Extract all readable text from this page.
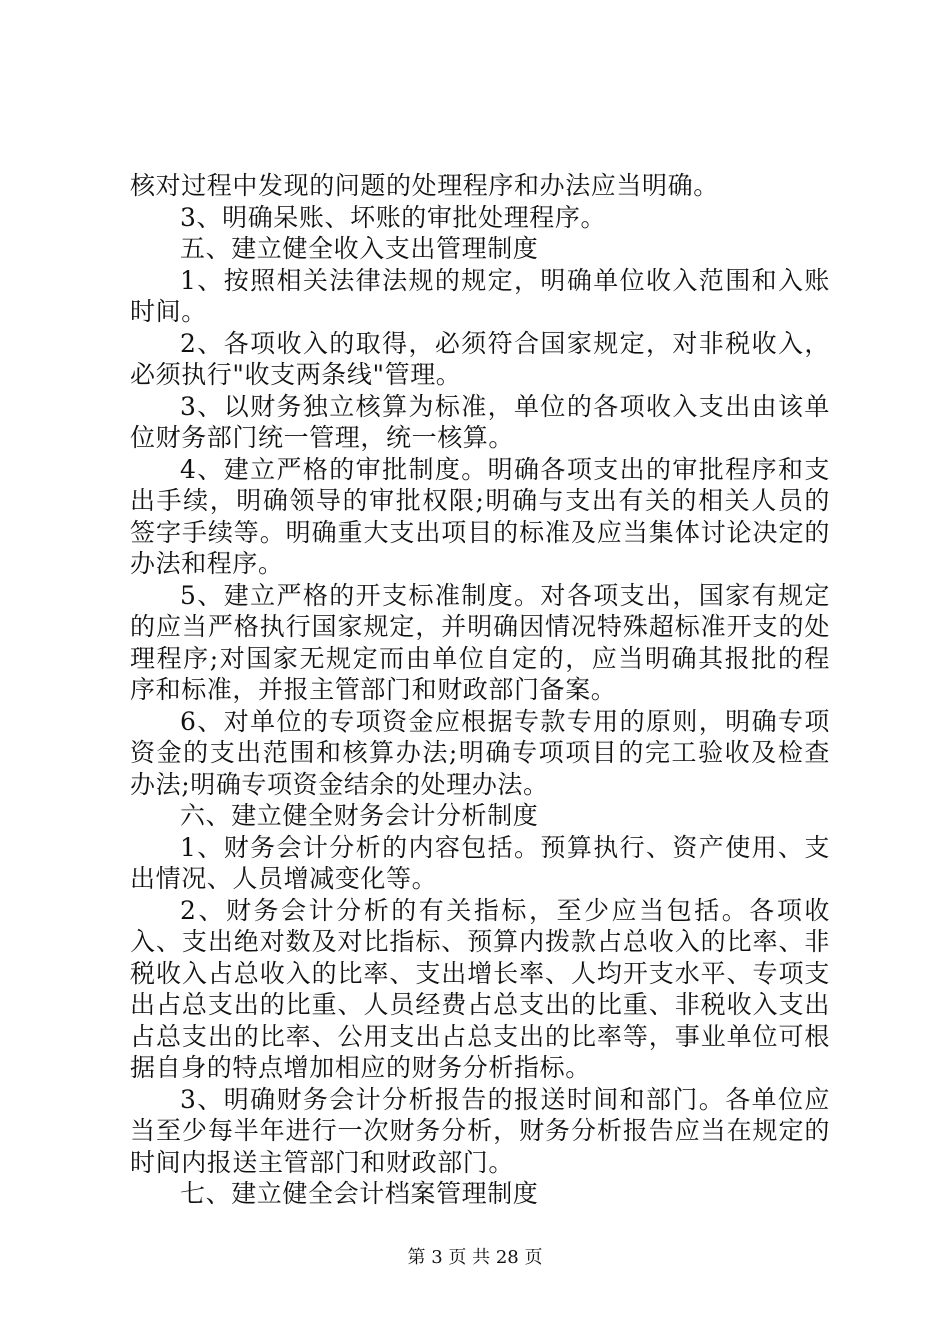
核对过程中发现的问题的处理程序和办法应当明确。

3、明确呆账、坏账的审批处理程序。

五、建立健全收入支出管理制度

1、按照相关法律法规的规定，明确单位收入范围和入账时间。

2、各项收入的取得，必须符合国家规定，对非税收入，必须执行"收支两条线"管理。

3、以财务独立核算为标准，单位的各项收入支出由该单位财务部门统一管理，统一核算。

4、建立严格的审批制度。明确各项支出的审批程序和支出手续，明确领导的审批权限;明确与支出有关的相关人员的签字手续等。明确重大支出项目的标准及应当集体讨论决定的办法和程序。

5、建立严格的开支标准制度。对各项支出，国家有规定的应当严格执行国家规定，并明确因情况特殊超标准开支的处理程序;对国家无规定而由单位自定的，应当明确其报批的程序和标准，并报主管部门和财政部门备案。

6、对单位的专项资金应根据专款专用的原则，明确专项资金的支出范围和核算办法;明确专项项目的完工验收及检查办法;明确专项资金结余的处理办法。

六、建立健全财务会计分析制度

1、财务会计分析的内容包括。预算执行、资产使用、支出情况、人员增减变化等。

2、财务会计分析的有关指标，至少应当包括。各项收入、支出绝对数及对比指标、预算内拨款占总收入的比率、非税收入占总收入的比率、支出增长率、人均开支水平、专项支出占总支出的比重、人员经费占总支出的比重、非税收入支出占总支出的比率、公用支出占总支出的比率等，事业单位可根据自身的特点增加相应的财务分析指标。

3、明确财务会计分析报告的报送时间和部门。各单位应当至少每半年进行一次财务分析，财务分析报告应当在规定的时间内报送主管部门和财政部门。

七、建立健全会计档案管理制度

第 3 页 共 28 页
